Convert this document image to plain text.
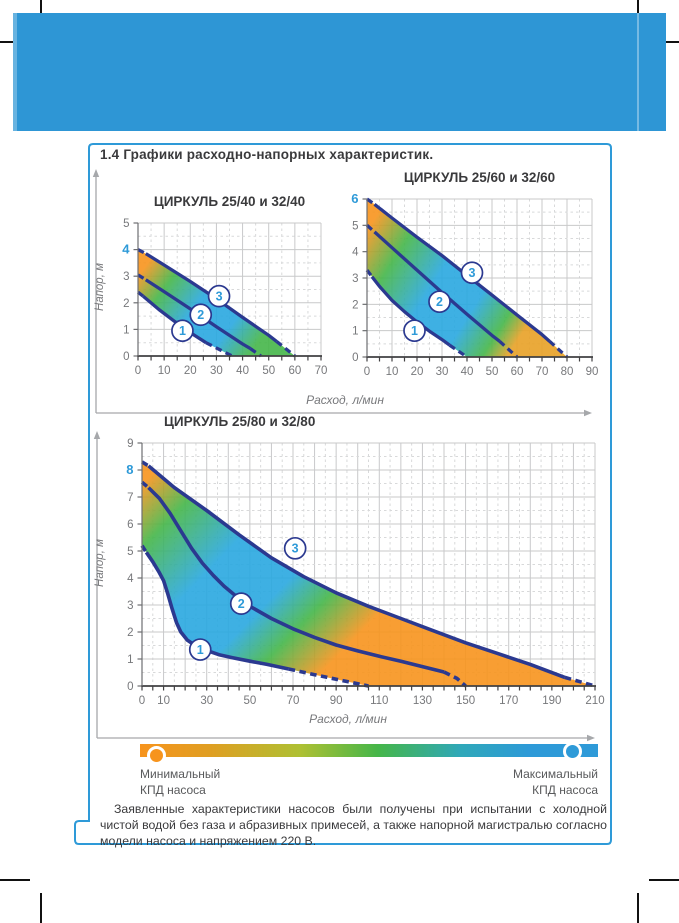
1.4 Графики расходно-напорных характеристик.
0
1
2
3
4
5
0 10 20 30 40 50 60 70
1
2
3
ЦИРКУЛЬ 25/40 и 32/40
0
1
2
3
4
5
6
0 10 20 30 40 50 60 70 80 90
1
2
3
ЦИРКУЛЬ 25/60 и 32/60
0
1
2
3
4
5
6
7
8
9
0 10	30	50	70	90 110 130 150 170 190 210
1
2
3
ЦИРКУЛЬ 25/80 и 32/80
Напор, м
Расход, л/мин
Напор, м
Расход, л/мин
Минимальный
КПД насоса
Максимальный
КПД насоса
Заявленные характеристики насосов были получены при испытании с холодной чистой водой без газа и абразивных примесей, а также напорной магистралью согласно модели насоса и напряжением 220 В.
